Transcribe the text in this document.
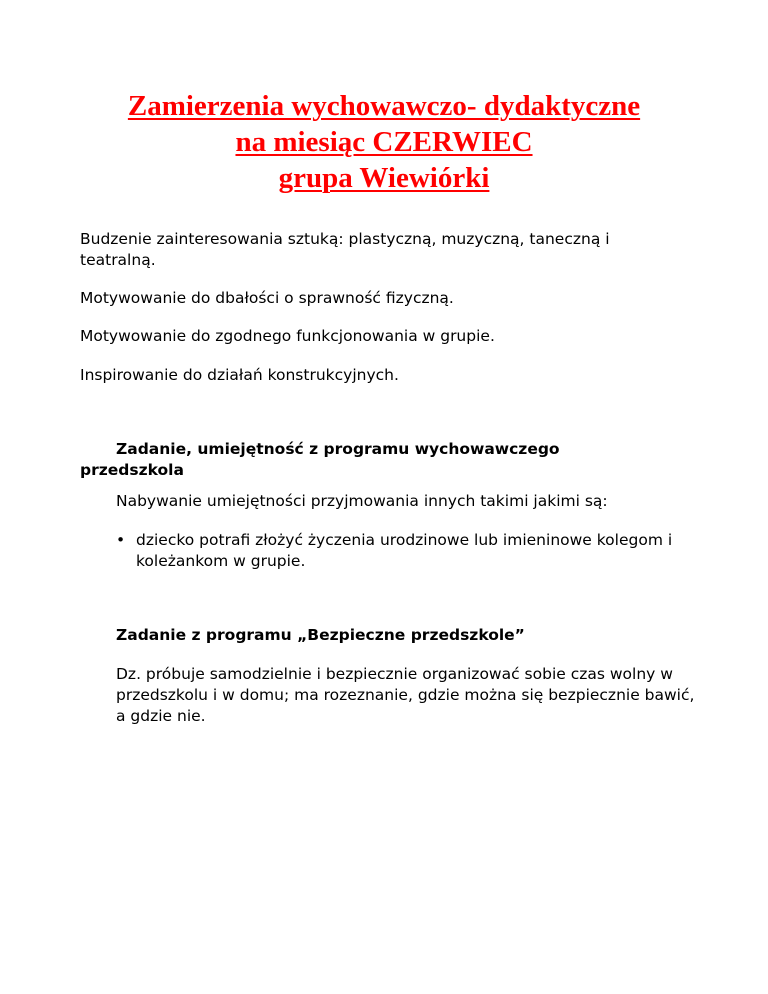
Zamierzenia wychowawczo- dydaktyczne
na miesiąc CZERWIEC
grupa Wiewiórki
Budzenie zainteresowania sztuką: plastyczną, muzyczną, taneczną i teatralną.
Motywowanie do dbałości o sprawność fizyczną.
Motywowanie do zgodnego funkcjonowania w grupie.
Inspirowanie do działań konstrukcyjnych.
Zadanie, umiejętność z programu wychowawczego przedszkola
Nabywanie umiejętności przyjmowania innych takimi jakimi są:
• dziecko potrafi złożyć życzenia urodzinowe lub imieninowe kolegom i koleżankom w grupie.
Zadanie z programu „Bezpieczne przedszkole”
Dz. próbuje samodzielnie i bezpiecznie organizować sobie czas wolny w przedszkolu i w domu; ma rozeznanie, gdzie można się bezpiecznie bawić, a gdzie nie.
